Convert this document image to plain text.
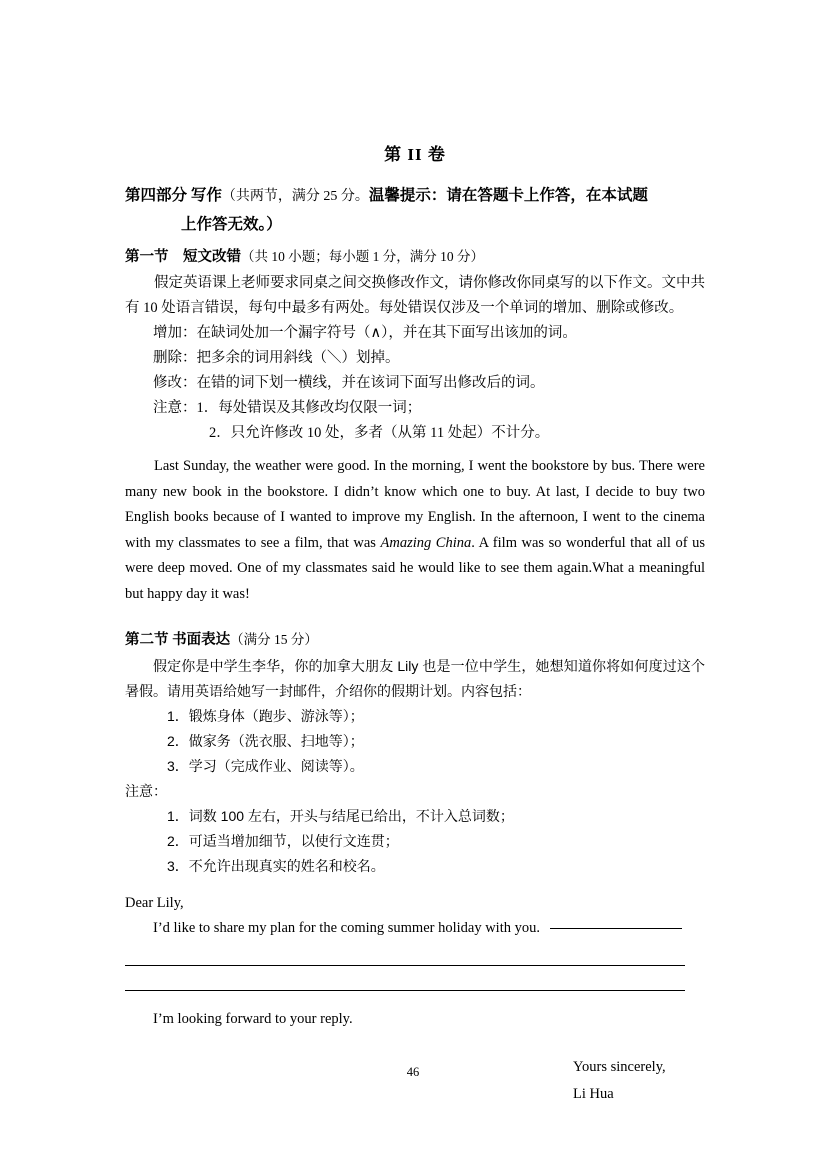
第 II 卷

第四部分 写作（共两节，满分 25 分。温馨提示：请在答题卡上作答，在本试题

上作答无效。）

第一节　短文改错（共 10 小题；每小题 1 分，满分 10 分）

假定英语课上老师要求同桌之间交换修改作文，请你修改你同桌写的以下作文。文中共有 10 处语言错误，每句中最多有两处。每处错误仅涉及一个单词的增加、删除或修改。

增加：在缺词处加一个漏字符号（∧），并在其下面写出该加的词。

删除：把多余的词用斜线（＼）划掉。

修改：在错的词下划一横线，并在该词下面写出修改后的词。

注意：1．每处错误及其修改均仅限一词；

2．只允许修改 10 处，多者（从第 11 处起）不计分。

Last Sunday, the weather were good. In the morning, I went the bookstore by bus. There were many new book in the bookstore. I didn’t know which one to buy. At last, I decide to buy two English books because of I wanted to improve my English. In the afternoon, I went to the cinema with my classmates to see a film, that was Amazing China. A film was so wonderful that all of us were deep moved. One of my classmates said he would like to see them again.What a meaningful but happy day it was!

第二节 书面表达（满分 15 分）

假定你是中学生李华，你的加拿大朋友 Lily 也是一位中学生，她想知道你将如何度过这个暑假。请用英语给她写一封邮件，介绍你的假期计划。内容包括：

1．锻炼身体（跑步、游泳等）；

2．做家务（洗衣服、扫地等）；

3．学习（完成作业、阅读等）。

注意：

1．词数 100 左右，开头与结尾已给出，不计入总词数；

2．可适当增加细节，以使行文连贯；

3．不允许出现真实的姓名和校名。

Dear Lily,

I’d like to share my plan for the coming summer holiday with you.

I’m looking forward to your reply.

Yours sincerely,
Li Hua
46
